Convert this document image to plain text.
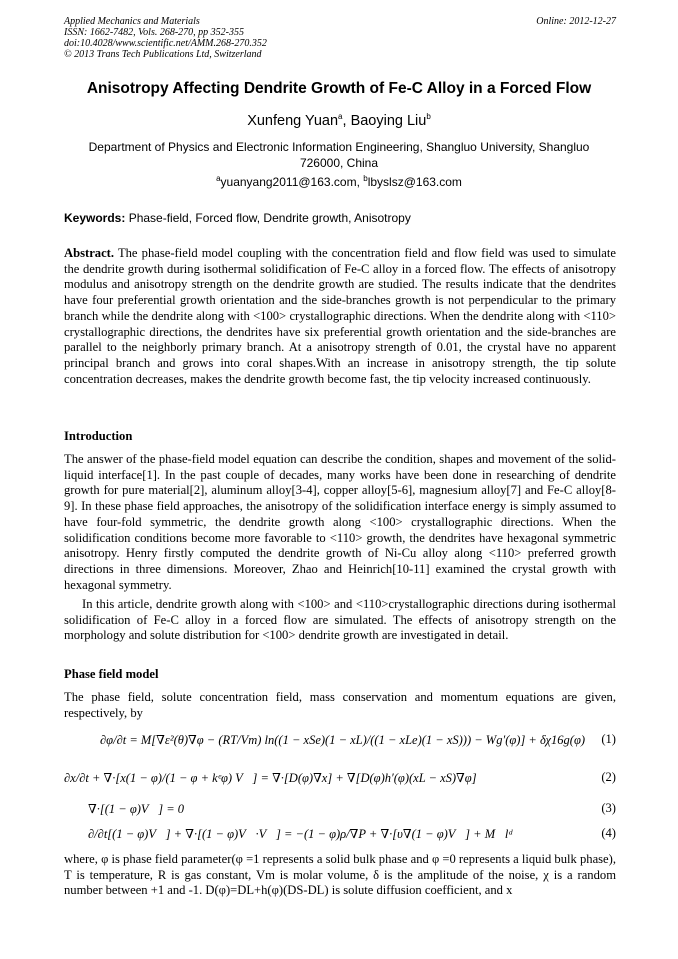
Applied Mechanics and Materials
ISSN: 1662-7482, Vols. 268-270, pp 352-355
doi:10.4028/www.scientific.net/AMM.268-270.352
© 2013 Trans Tech Publications Ltd, Switzerland
Online: 2012-12-27
Anisotropy Affecting Dendrite Growth of Fe-C Alloy in a Forced Flow
Xunfeng Yuan$^a$, Baoying Liu$^b$
Department of Physics and Electronic Information Engineering, Shangluo University, Shangluo 726000, China
$^a$yuanyang2011@163.com, $^b$lbyslsz@163.com
Keywords: Phase-field, Forced flow, Dendrite growth, Anisotropy
Abstract. The phase-field model coupling with the concentration field and flow field was used to simulate the dendrite growth during isothermal solidification of Fe-C alloy in a forced flow. The effects of anisotropy modulus and anisotropy strength on the dendrite growth are studied. The results indicate that the dendrites have four preferential growth orientation and the side-branches growth is not perpendicular to the primary branch while the dendrite along with <100> crystallographic directions. When the dendrite along with <110> crystallographic directions, the dendrites have six preferential growth orientation and the side-branches are parallel to the neighborly primary branch. At a anisotropy strength of 0.01, the crystal have no apparent principal branch and grows into coral shapes.With an increase in anisotropy strength, the tip solute concentration decreases, makes the dendrite growth become fast, the tip velocity increased continuously.
Introduction
The answer of the phase-field model equation can describe the condition, shapes and movement of the solid-liquid interface[1]. In the past couple of decades, many works have been done in researching of dendrite growth for pure material[2], aluminum alloy[3-4], copper alloy[5-6], magnesium alloy[7] and Fe-C alloy[8-9]. In these phase field approaches, the anisotropy of the solidification interface energy is simply assumed to have four-fold symmetric, the dendrite growth along <100> crystallographic directions. When the solidification conditions become more favorable to <110> growth, the dendrites have hexagonal symmetric anisotropy. Henry firstly computed the dendrite growth of Ni-Cu alloy along <110> preferred growth directions in three dimensions. Moreover, Zhao and Heinrich[10-11] examined the crystal growth with hexagonal symmetry.
In this article, dendrite growth along with <100> and <110>crystallographic directions during isothermal solidification of Fe-C alloy in a forced flow are simulated. The effects of anisotropy strength on the morphology and solute distribution for <100> dendrite growth are investigated in detail.
Phase field model
The phase field, solute concentration field, mass conservation and momentum equations are given, respectively, by
∂φ/∂t = M[∇ε²(θ)∇φ − (RT/Vm) ln((1 − xSe)(1 − xL)/((1 − xLe)(1 − xS))) − Wg′(φ)] + δχ16g(φ) (1)
∂x/∂t + ∇·[x(1 − φ)/(1 − φ + kᵉφ) V⃗] = ∇·[D(φ)∇x] + ∇[D(φ)h′(φ)(xL − xS)∇φ]	(2)
∇·[(1 − φ)V⃗] = 0	(3)
∂/∂t[(1 − φ)V⃗] + ∇·[(1 − φ)V⃗·V⃗] = −(1 − φ)ρ/∇P + ∇·[υ∇(1 − φ)V⃗] + M⃗lᵈ	(4)
where, φ is phase field parameter(φ =1 represents a solid bulk phase and φ =0 represents a liquid bulk phase), T is temperature, R is gas constant, Vm is molar volume, δ is the amplitude of the noise, χ is a random number between +1 and -1. D(φ)=DL+h(φ)(DS-DL) is solute diffusion coefficient, and x
